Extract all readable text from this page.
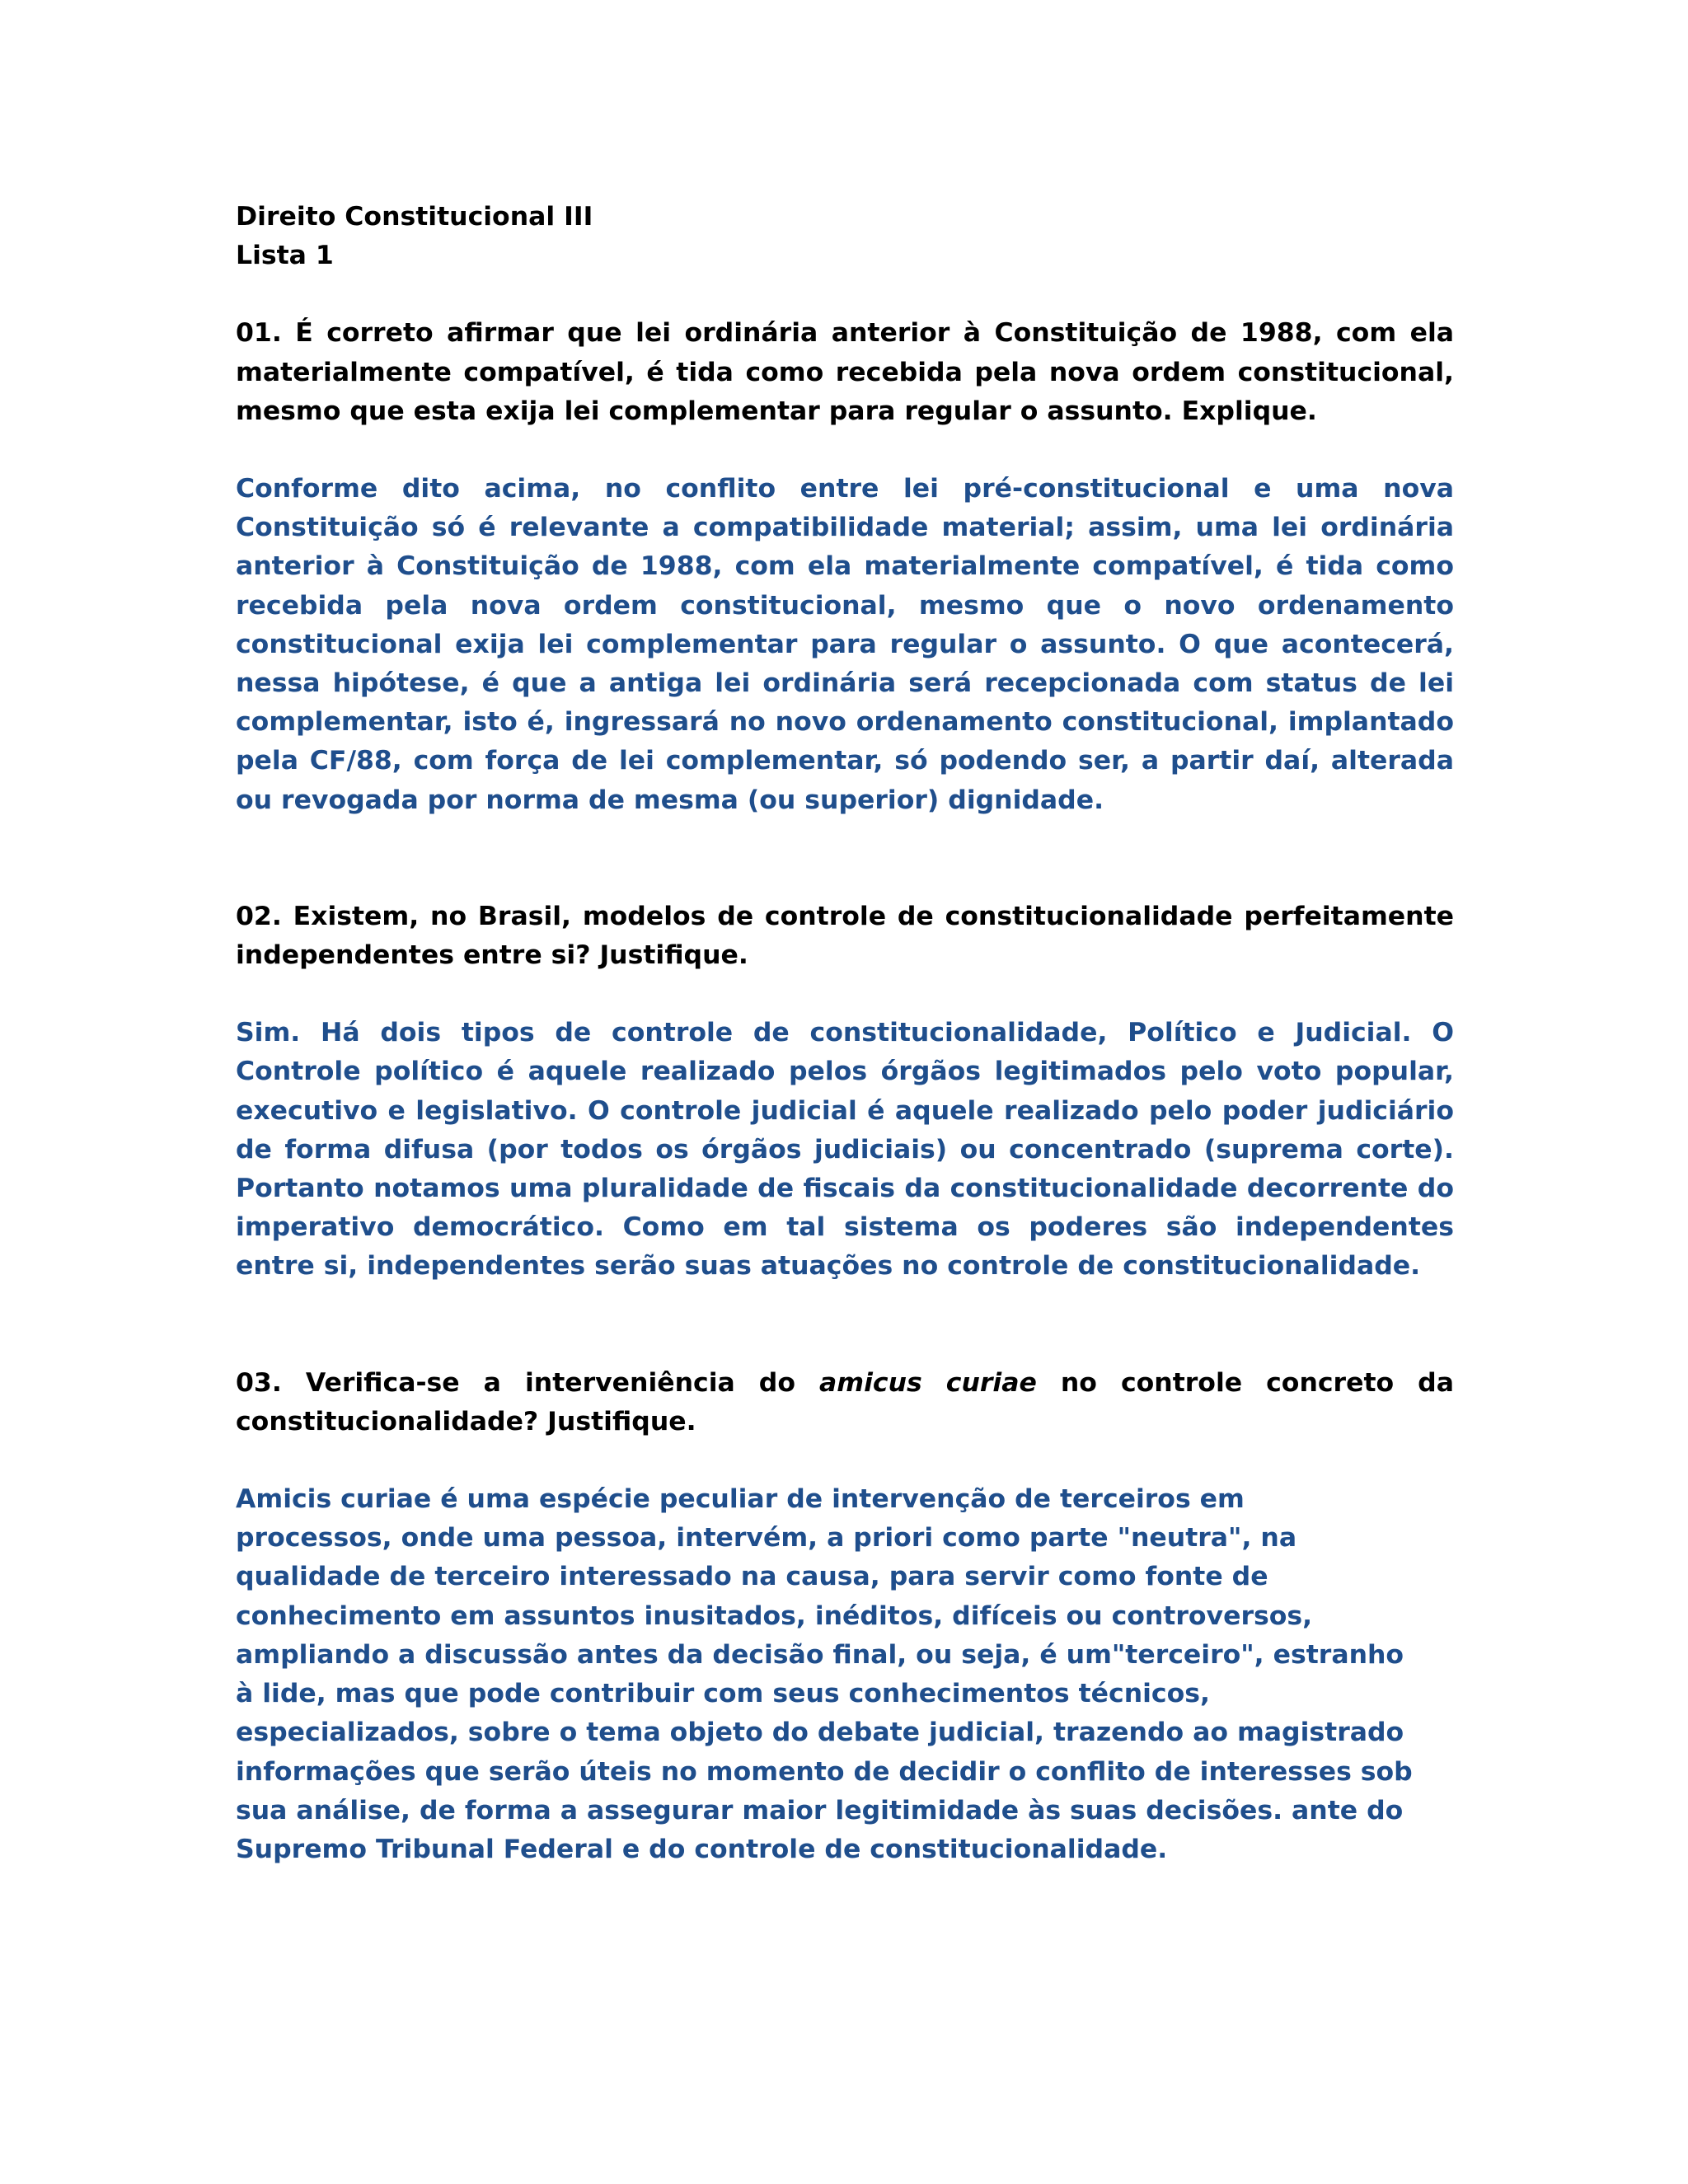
Direito Constitucional III

Lista 1

01. É correto afirmar que lei ordinária anterior à Constituição de 1988, com ela materialmente compatível, é tida como recebida pela nova ordem constitucional, mesmo que esta exija lei complementar para regular o assunto. Explique.

Conforme dito acima, no conflito entre lei pré-constitucional e uma nova Constituição só é relevante a compatibilidade material; assim, uma lei ordinária anterior à Constituição de 1988, com ela materialmente compatível, é tida como recebida pela nova ordem constitucional, mesmo que o novo ordenamento constitucional exija lei complementar para regular o assunto. O que acontecerá, nessa hipótese, é que a antiga lei ordinária será recepcionada com status de lei complementar, isto é, ingressará no novo ordenamento constitucional, implantado pela CF/88, com força de lei complementar, só podendo ser, a partir daí, alterada ou revogada por norma de mesma (ou superior) dignidade.

02. Existem, no Brasil, modelos de controle de constitucionalidade perfeitamente independentes entre si? Justifique.

Sim. Há dois tipos de controle de constitucionalidade, Político e Judicial. O Controle político é aquele realizado pelos órgãos legitimados pelo voto popular, executivo e legislativo. O controle judicial é aquele realizado pelo poder judiciário de forma difusa (por todos os órgãos judiciais) ou concentrado (suprema corte). Portanto notamos uma pluralidade de fiscais da constitucionalidade decorrente do imperativo democrático. Como em tal sistema os poderes são independentes entre si, independentes serão suas atuações no controle de constitucionalidade.

03. Verifica-se a interveniência do amicus curiae no controle concreto da constitucionalidade? Justifique.

Amicis curiae é uma espécie peculiar de intervenção de terceiros em
processos, onde uma pessoa, intervém, a priori como parte "neutra", na
qualidade de terceiro interessado na causa, para servir como fonte de
conhecimento em assuntos inusitados, inéditos, difíceis ou controversos,
ampliando a discussão antes da decisão final, ou seja, é um"terceiro", estranho
à lide, mas que pode contribuir com seus conhecimentos técnicos,
especializados, sobre o tema objeto do debate judicial, trazendo ao magistrado
informações que serão úteis no momento de decidir o conflito de interesses sob
sua análise, de forma a assegurar maior legitimidade às suas decisões. ante do
Supremo Tribunal Federal e do controle de constitucionalidade.
